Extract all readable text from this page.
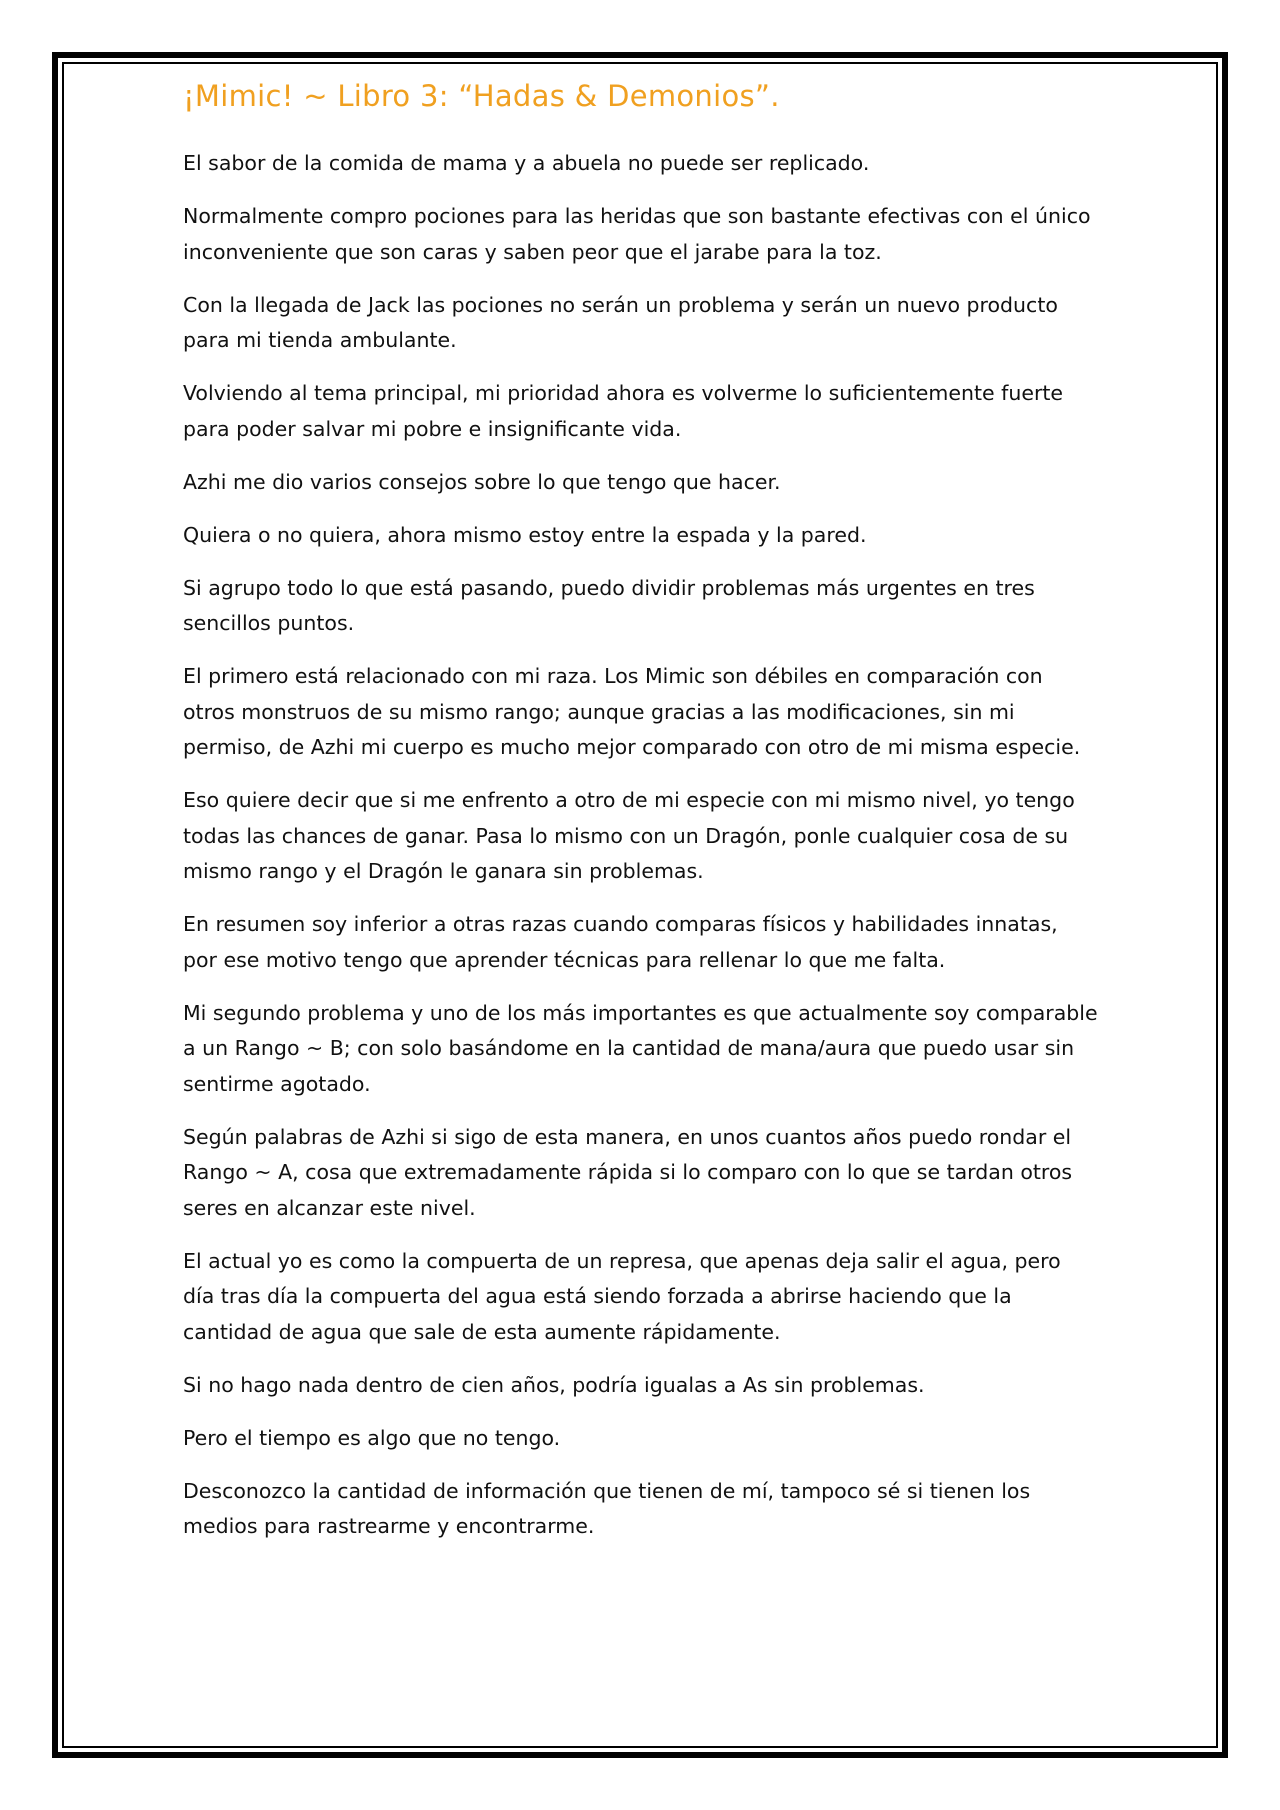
¡Mimic! ~ Libro 3: “Hadas & Demonios”.

El sabor de la comida de mama y a abuela no puede ser replicado.

Normalmente compro pociones para las heridas que son bastante efectivas con el único inconveniente que son caras y saben peor que el jarabe para la toz.

Con la llegada de Jack las pociones no serán un problema y serán un nuevo producto para mi tienda ambulante.

Volviendo al tema principal, mi prioridad ahora es volverme lo suficientemente fuerte para poder salvar mi pobre e insignificante vida.

Azhi me dio varios consejos sobre lo que tengo que hacer.

Quiera o no quiera, ahora mismo estoy entre la espada y la pared.

Si agrupo todo lo que está pasando, puedo dividir problemas más urgentes en tres sencillos puntos.

El primero está relacionado con mi raza. Los Mimic son débiles en comparación con otros monstruos de su mismo rango; aunque gracias a las modificaciones, sin mi permiso, de Azhi mi cuerpo es mucho mejor comparado con otro de mi misma especie.

Eso quiere decir que si me enfrento a otro de mi especie con mi mismo nivel, yo tengo todas las chances de ganar. Pasa lo mismo con un Dragón, ponle cualquier cosa de su mismo rango y el Dragón le ganara sin problemas.

En resumen soy inferior a otras razas cuando comparas físicos y habilidades innatas, por ese motivo tengo que aprender técnicas para rellenar lo que me falta.

Mi segundo problema y uno de los más importantes es que actualmente soy comparable a un Rango ~ B; con solo basándome en la cantidad de mana/aura que puedo usar sin sentirme agotado.

Según palabras de Azhi si sigo de esta manera, en unos cuantos años puedo rondar el Rango ~ A, cosa que extremadamente rápida si lo comparo con lo que se tardan otros seres en alcanzar este nivel.

El actual yo es como la compuerta de un represa, que apenas deja salir el agua, pero día tras día la compuerta del agua está siendo forzada a abrirse haciendo que la cantidad de agua que sale de esta aumente rápidamente.

Si no hago nada dentro de cien años, podría igualas a As sin problemas.

Pero el tiempo es algo que no tengo.

Desconozco la cantidad de información que tienen de mí, tampoco sé si tienen los medios para rastrearme y encontrarme.
